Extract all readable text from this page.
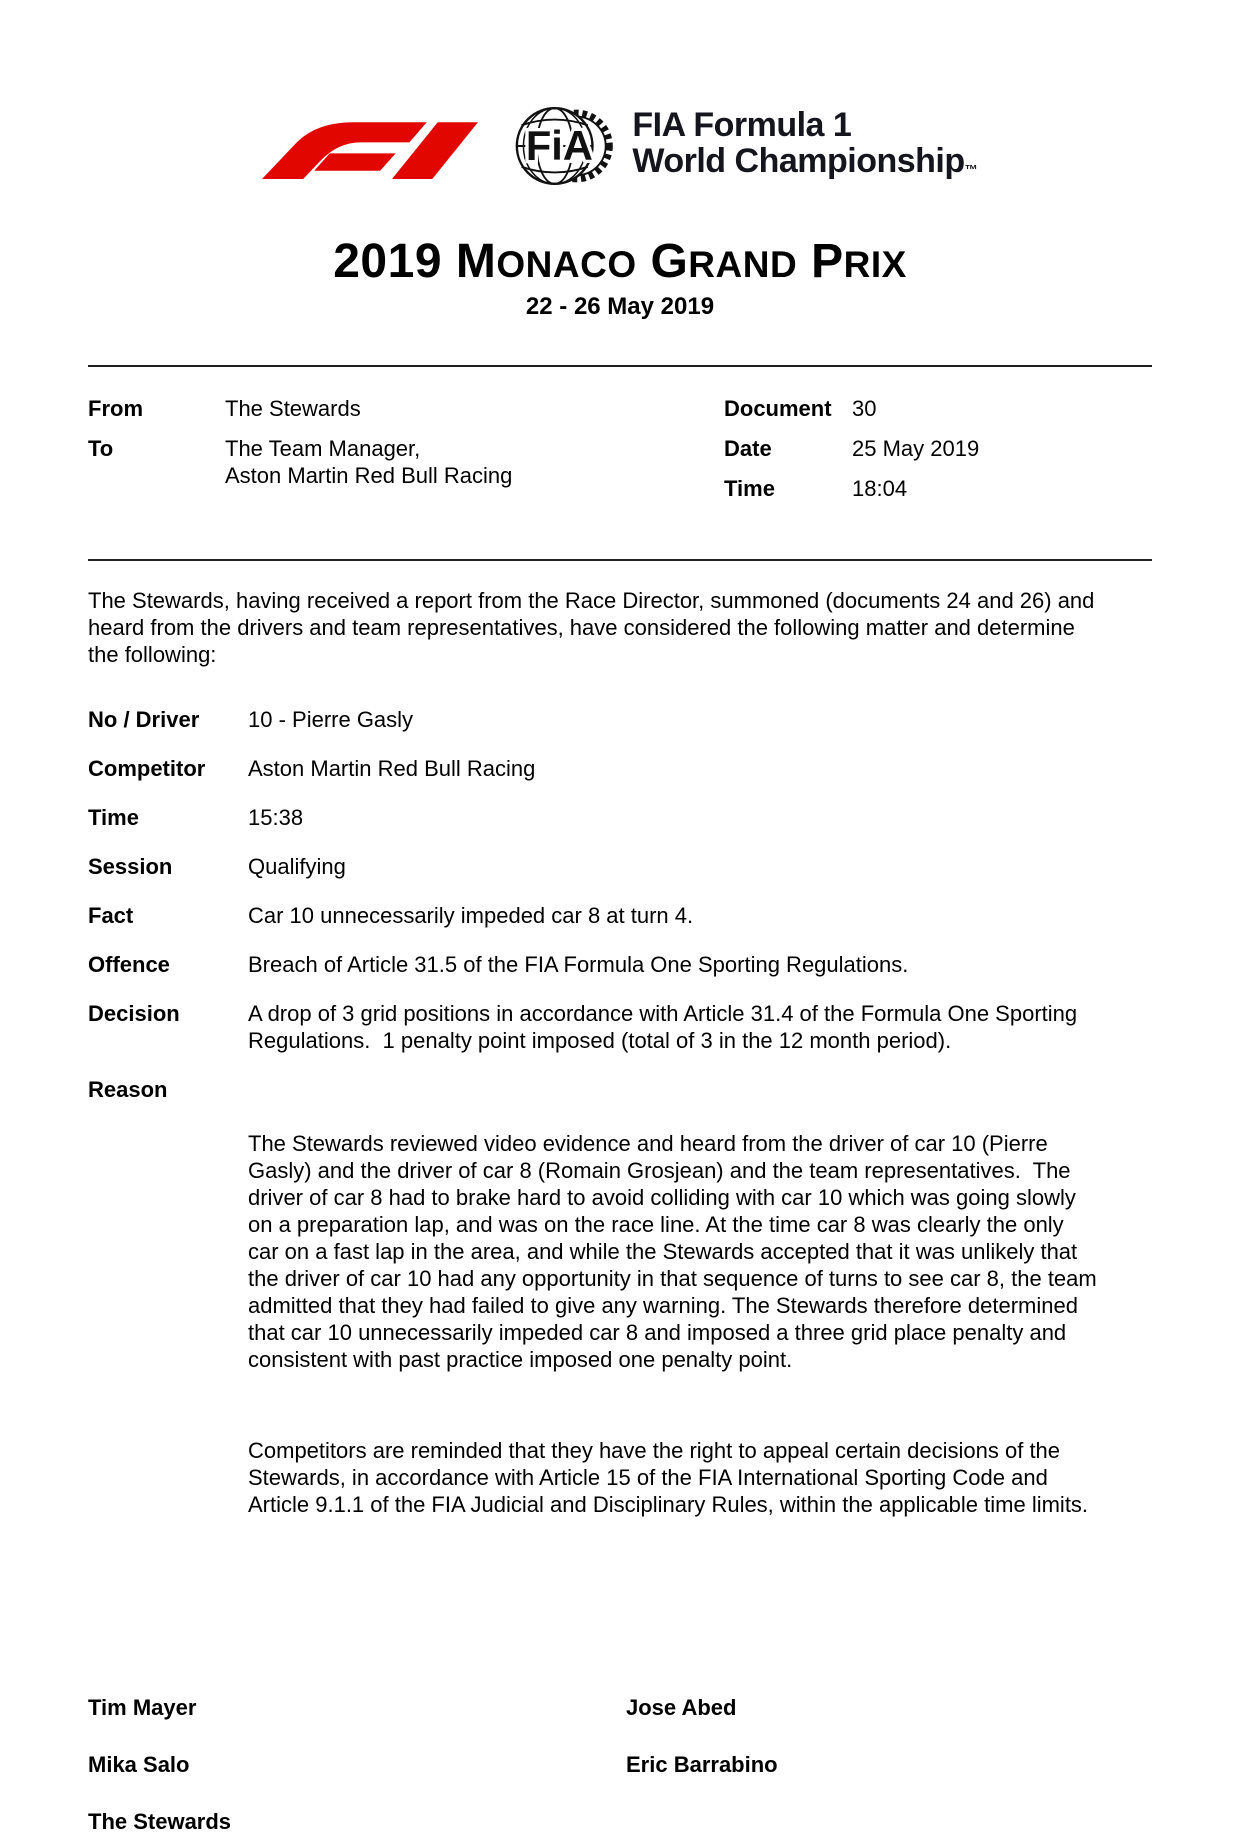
FiA FIA Formula 1
World Championship™
2019 MONACO GRAND PRIX
22 - 26 May 2019
From	The Stewards
To	The Team Manager,
Aston Martin Red Bull Racing
Document 30
Date	25 May 2019
Time	18:04

The Stewards, having received a report from the Race Director, summoned (documents 24 and 26) and heard from the drivers and team representatives, have considered the following matter and determine the following:

No / Driver	10 - Pierre Gasly
Competitor	Aston Martin Red Bull Racing
Time	15:38
Session	Qualifying
Fact	Car 10 unnecessarily impeded car 8 at turn 4.
Offence	Breach of Article 31.5 of the FIA Formula One Sporting Regulations.
Decision	A drop of 3 grid positions in accordance with Article 31.4 of the Formula One Sporting Regulations.  1 penalty point imposed (total of 3 in the 12 month period).
Reason

The Stewards reviewed video evidence and heard from the driver of car 10 (Pierre Gasly) and the driver of car 8 (Romain Grosjean) and the team representatives.  The driver of car 8 had to brake hard to avoid colliding with car 10 which was going slowly on a preparation lap, and was on the race line. At the time car 8 was clearly the only car on a fast lap in the area, and while the Stewards accepted that it was unlikely that the driver of car 10 had any opportunity in that sequence of turns to see car 8, the team admitted that they had failed to give any warning. The Stewards therefore determined that car 10 unnecessarily impeded car 8 and imposed a three grid place penalty and consistent with past practice imposed one penalty point.

Competitors are reminded that they have the right to appeal certain decisions of the Stewards, in accordance with Article 15 of the FIA International Sporting Code and Article 9.1.1 of the FIA Judicial and Disciplinary Rules, within the applicable time limits.

Tim Mayer	Jose Abed
Mika Salo	Eric Barrabino
The Stewards
